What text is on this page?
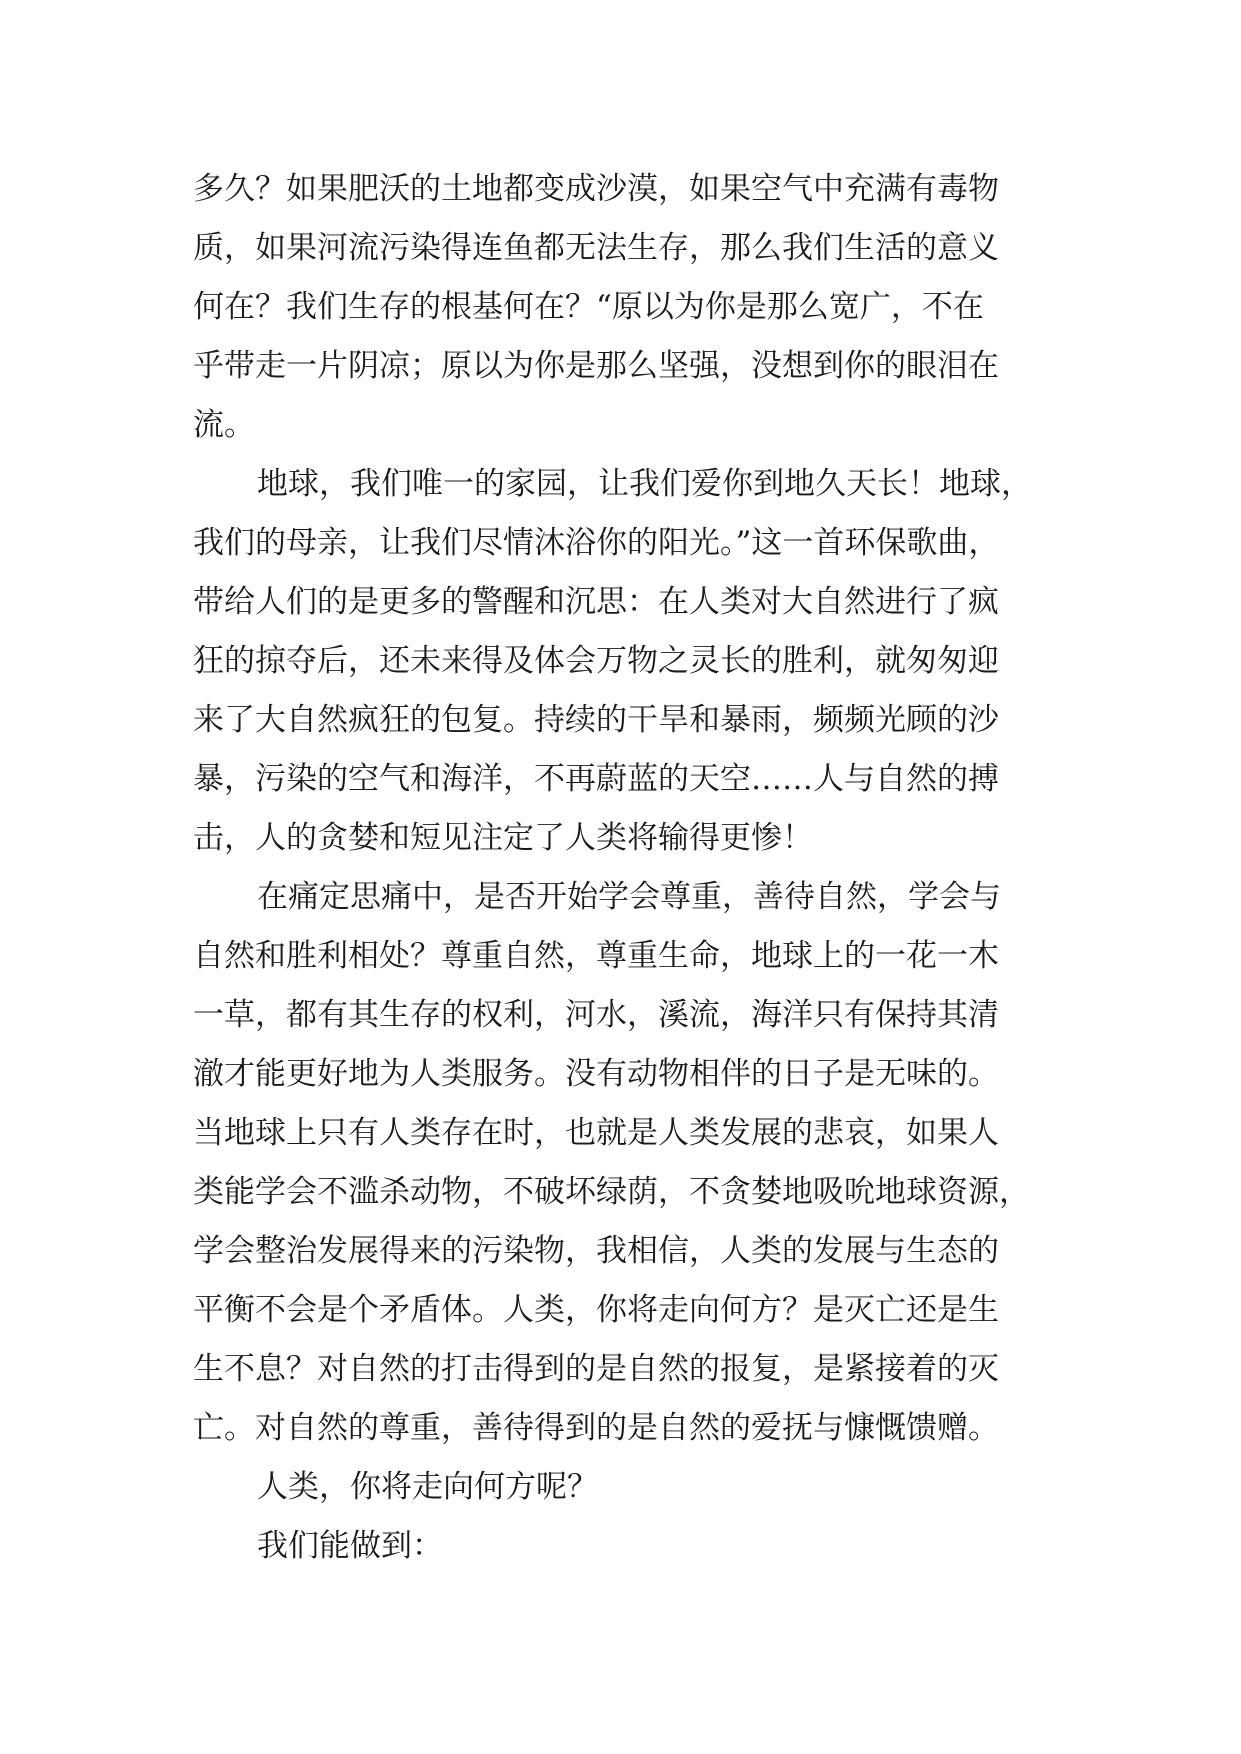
多久？如果肥沃的土地都变成沙漠，如果空气中充满有毒物
质，如果河流污染得连鱼都无法生存，那么我们生活的意义
何在？我们生存的根基何在？“原以为你是那么宽广，不在
乎带走一片阴凉；原以为你是那么坚强，没想到你的眼泪在
流。
地球，我们唯一的家园，让我们爱你到地久天长！地球，
我们的母亲，让我们尽情沐浴你的阳光。”这一首环保歌曲，
带给人们的是更多的警醒和沉思：在人类对大自然进行了疯
狂的掠夺后，还未来得及体会万物之灵长的胜利，就匆匆迎
来了大自然疯狂的包复。持续的干旱和暴雨，频频光顾的沙
暴，污染的空气和海洋，不再蔚蓝的天空……人与自然的搏
击，人的贪婪和短见注定了人类将输得更惨！
在痛定思痛中，是否开始学会尊重，善待自然，学会与
自然和胜利相处？尊重自然，尊重生命，地球上的一花一木
一草，都有其生存的权利，河水，溪流，海洋只有保持其清
澈才能更好地为人类服务。没有动物相伴的日子是无味的。
当地球上只有人类存在时，也就是人类发展的悲哀，如果人
类能学会不滥杀动物，不破坏绿荫，不贪婪地吸吮地球资源，
学会整治发展得来的污染物，我相信，人类的发展与生态的
平衡不会是个矛盾体。人类，你将走向何方？是灭亡还是生
生不息？对自然的打击得到的是自然的报复，是紧接着的灭
亡。对自然的尊重，善待得到的是自然的爱抚与慷慨馈赠。
人类，你将走向何方呢？
我们能做到：
